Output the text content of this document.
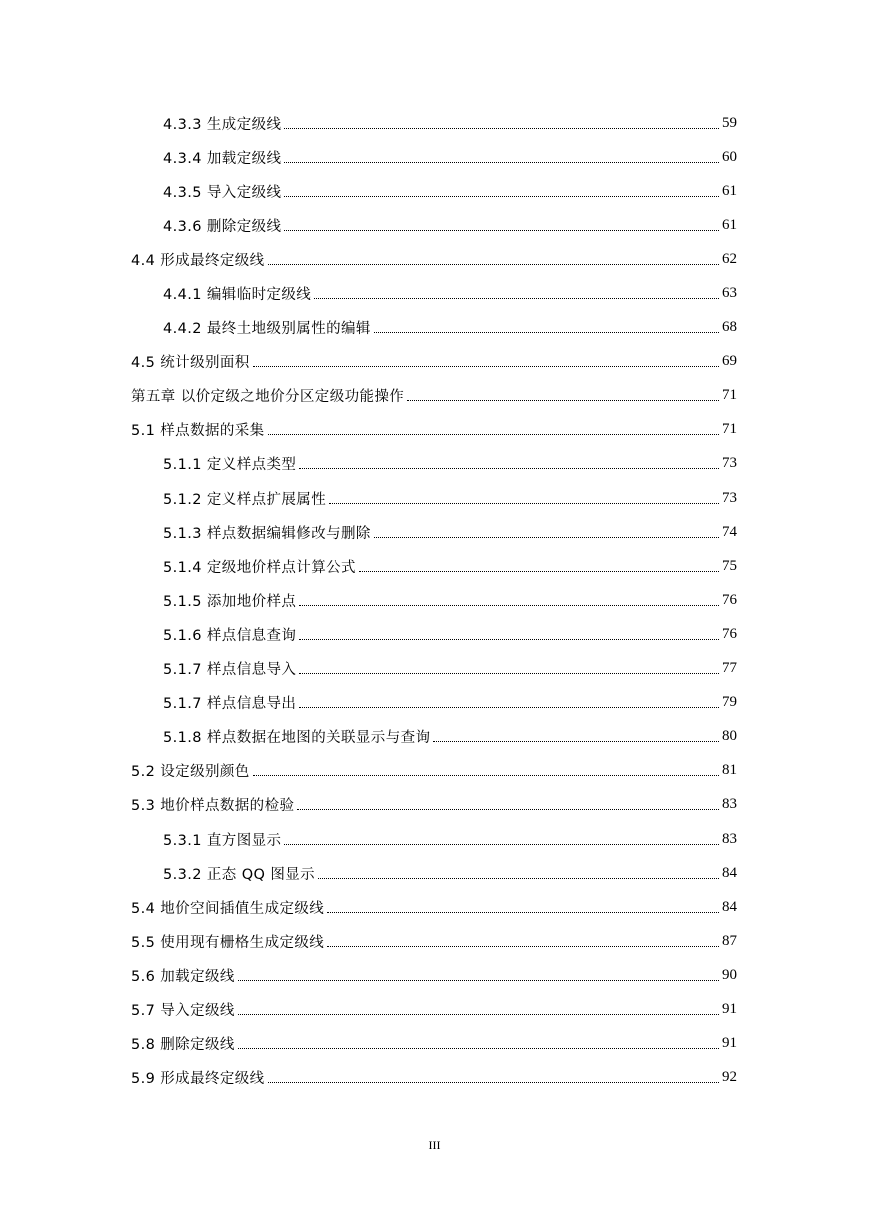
4.3.3 生成定级线	59
4.3.4 加载定级线	60
4.3.5 导入定级线	61
4.3.6 删除定级线	61
4.4 形成最终定级线	62
4.4.1 编辑临时定级线	63
4.4.2 最终土地级别属性的编辑	68
4.5 统计级别面积	69
第五章 以价定级之地价分区定级功能操作	71
5.1 样点数据的采集	71
5.1.1 定义样点类型	73
5.1.2 定义样点扩展属性	73
5.1.3 样点数据编辑修改与删除	74
5.1.4 定级地价样点计算公式	75
5.1.5 添加地价样点	76
5.1.6 样点信息查询	76
5.1.7 样点信息导入	77
5.1.7 样点信息导出	79
5.1.8 样点数据在地图的关联显示与查询	80
5.2 设定级别颜色	81
5.3 地价样点数据的检验	83
5.3.1 直方图显示	83
5.3.2 正态 QQ 图显示	84
5.4 地价空间插值生成定级线	84
5.5 使用现有栅格生成定级线	87
5.6 加载定级线	90
5.7 导入定级线	91
5.8 删除定级线	91
5.9 形成最终定级线	92
III
